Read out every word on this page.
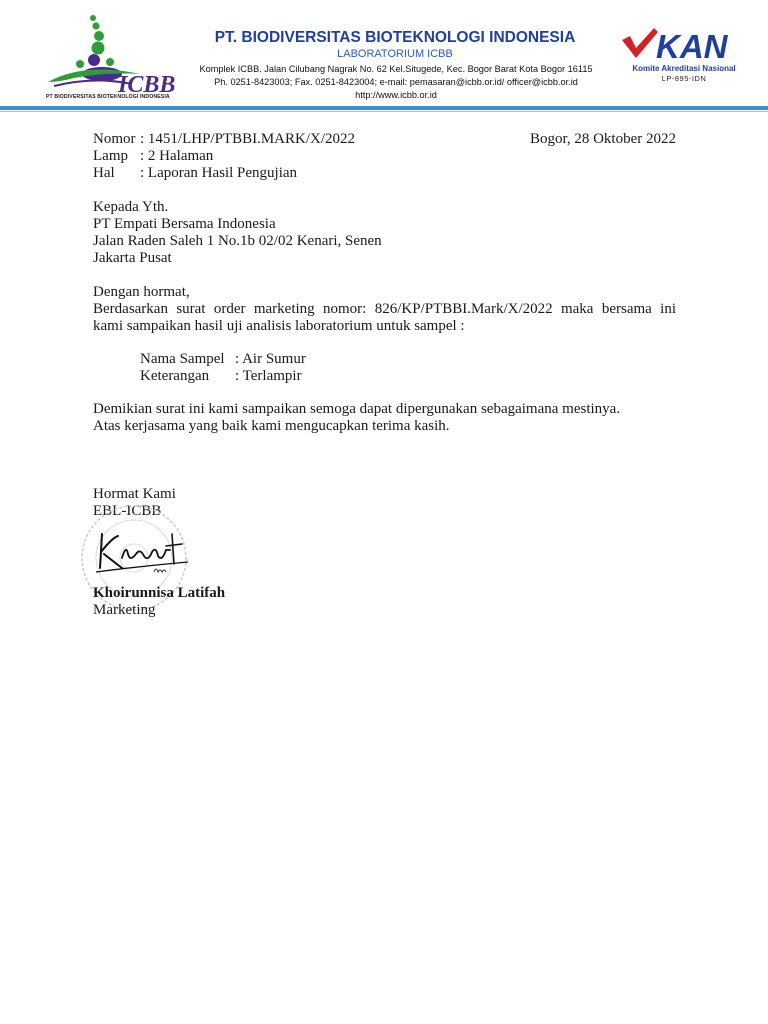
ICBB
PT BIODIVERSITAS BIOTEKNOLOGI INDONESIA
PT. BIODIVERSITAS BIOTEKNOLOGI INDONESIA
LABORATORIUM ICBB
Komplek ICBB. Jalan Cilubang Nagrak No. 62 Kel.Situgede, Kec. Bogor Barat Kota Bogor 16115
Ph. 0251-8423003; Fax. 0251-8423004; e-mail: pemasaran@icbb.or.id/ officer@icbb.or.id
http://www.icbb.or.id
KAN
Komite Akreditasi Nasional
LP-895-IDN
Nomor : 1451/LHP/PTBBI.MARK/X/2022
Lamp : 2 Halaman
Hal : Laporan Hasil Pengujian
Bogor, 28 Oktober 2022
Kepada Yth.
PT Empati Bersama Indonesia
Jalan Raden Saleh 1 No.1b 02/02 Kenari, Senen
Jakarta Pusat
Dengan hormat,
Berdasarkan surat order marketing nomor: 826/KP/PTBBI.Mark/X/2022 maka bersama ini
kami sampaikan hasil uji analisis laboratorium untuk sampel :
Nama Sampel : Air Sumur
Keterangan : Terlampir
Demikian surat ini kami sampaikan semoga dapat dipergunakan sebagaimana mestinya.
Atas kerjasama yang baik kami mengucapkan terima kasih.
Hormat Kami
EBL-ICBB
Khoirunnisa Latifah
Marketing
